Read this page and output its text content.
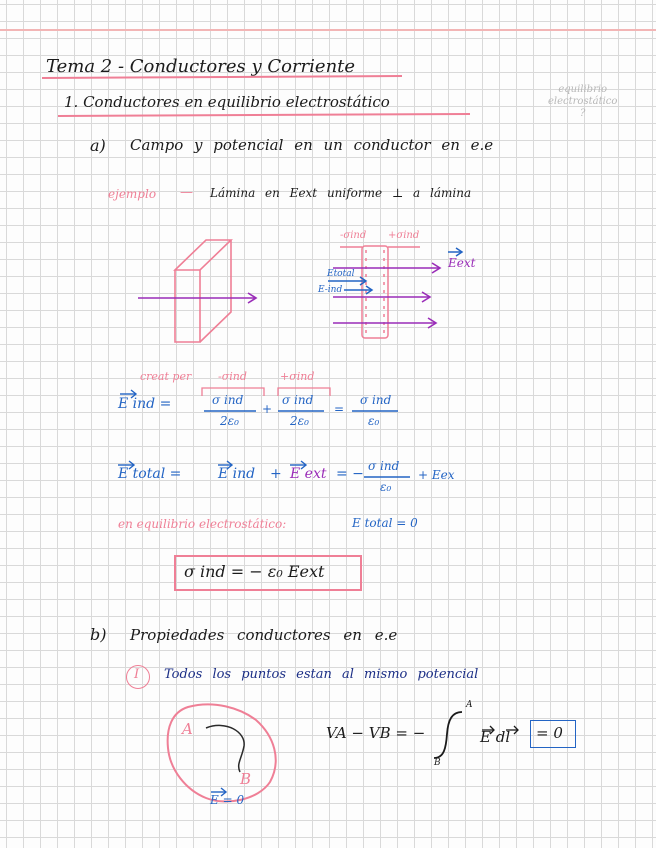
Tema 2 - Conductores y Corriente
1. Conductores en equilibrio electrostático
equilibrio
electrostático
?
a) Campo y potencial en un conductor en e.e
ejemplo — Lámina en Eext uniforme ⊥ a lámina
-σind +σind
Etotal
E-ind
Eext
creat per -σind	+σind
E ind =	σ ind
2ε₀
+
σ ind
2ε₀
=
σ ind
ε₀
E total =	E ind + E ext = − σ ind
ε₀
+ Eex
en equilibrio electrostático:	E total = 0
σ ind = − ε₀ Eext
b) Propiedades conductores en e.e
I Todos los puntos estan al mismo potencial
A
B
E = 0
VA − VB = −
A
B
E dl = 0
